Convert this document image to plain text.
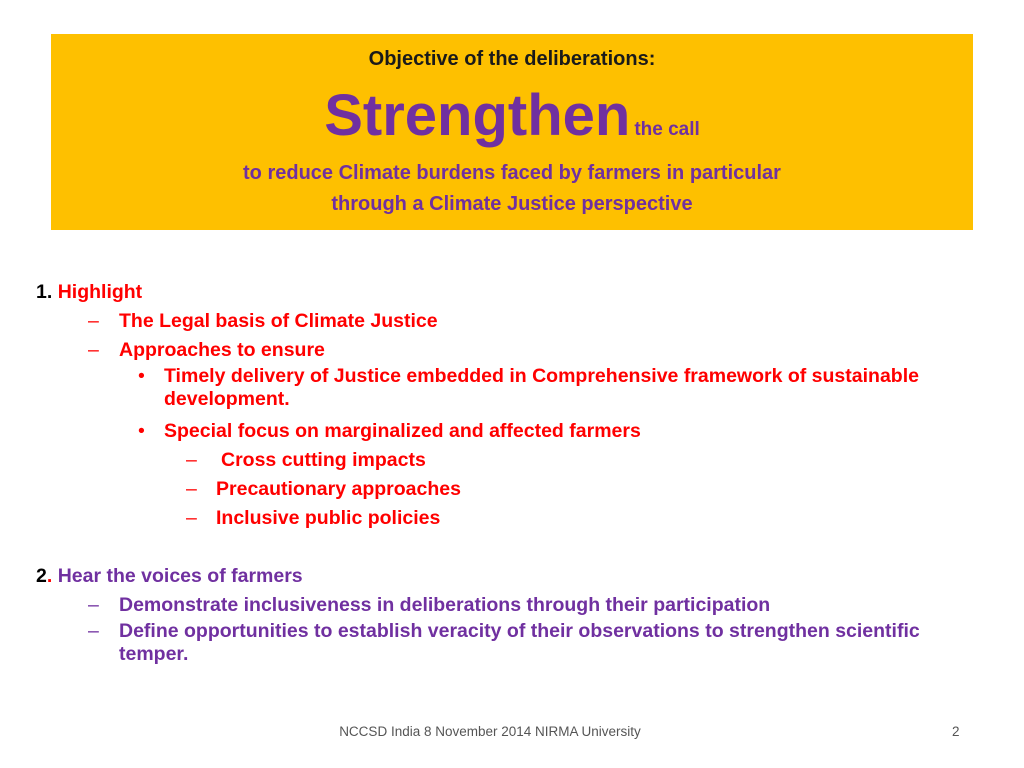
Objective of the deliberations:
Strengthen the call
to reduce Climate burdens faced by farmers in particular
through a Climate Justice perspective
1. Highlight
– The Legal basis of Climate Justice
– Approaches to ensure
• Timely delivery of Justice embedded in Comprehensive framework of sustainable development.
• Special focus on marginalized and affected farmers
– Cross cutting impacts
– Precautionary approaches
– Inclusive public policies
2. Hear the voices of farmers
– Demonstrate inclusiveness in deliberations through their participation
– Define opportunities to establish veracity of their observations to strengthen scientific temper.
NCCSD India 8 November 2014 NIRMA University	2
